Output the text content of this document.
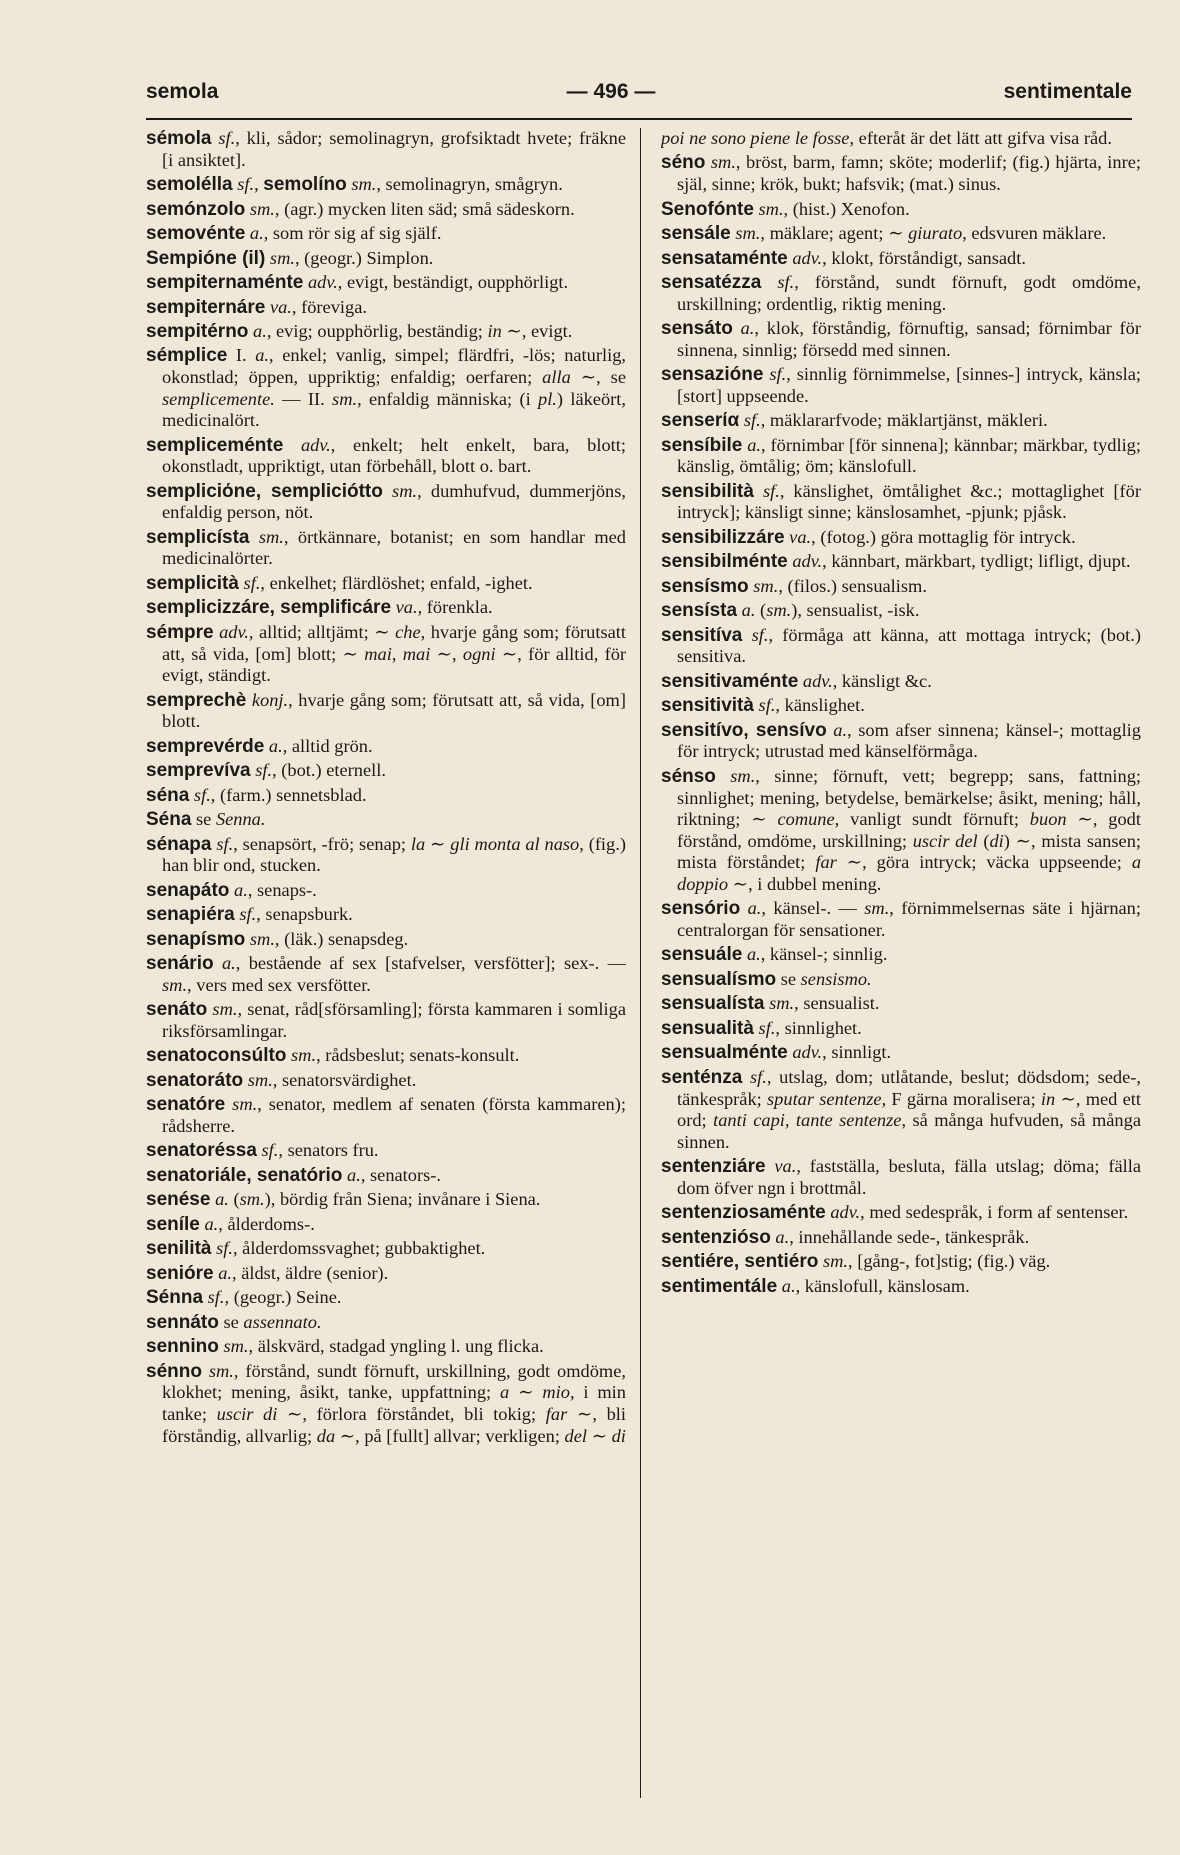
semola	— 496 —	sentimentale

sémola sf., kli, sådor; semolinagryn, grofsiktadt hvete; fräkne [i ansiktet].

semolélla sf., semolíno sm., semolinagryn, smågryn.

semónzolo sm., (agr.) mycken liten säd; små sädeskorn.

semovénte a., som rör sig af sig själf.

Sempióne (il) sm., (geogr.) Simplon.

sempiternaménte adv., evigt, beständigt, oupphörligt.

sempiternáre va., föreviga.

sempitérno a., evig; oupphörlig, beständig; in ∼, evigt.

sémplice I. a., enkel; vanlig, simpel; flärdfri, -lös; naturlig, okonstlad; öppen, uppriktig; enfaldig; oerfaren; alla ∼, se semplicemente. — II. sm., enfaldig människa; (i pl.) läkeört, medicinalört.

sempliceménte adv., enkelt; helt enkelt, bara, blott; okonstladt, uppriktigt, utan förbehåll, blott o. bart.

sempliciόne, semplicióttο sm., dumhufvud, dummerjöns, enfaldig person, nöt.

semplicísta sm., örtkännare, botanist; en som handlar med medicinalörter.

semplicità sf., enkelhet; flärdlöshet; enfald, -ighet.

semplicizzáre, semplificáre va., förenkla.

sémpre adv., alltid; alltjämt; ∼ che, hvarje gång som; förutsatt att, så vida, [om] blott; ∼ mai, mai ∼, ogni ∼, för alltid, för evigt, ständigt.

semprechè konj., hvarje gång som; förutsatt att, så vida, [om] blott.

semprevérde a., alltid grön.

semprevíva sf., (bot.) eternell.

séna sf., (farm.) sennetsblad.

Séna se Senna.

sénapa sf., senapsört, -frö; senap; la ∼ gli monta al naso, (fig.) han blir ond, stucken.

senapáto a., senaps-.

senapiéra sf., senapsburk.

senapísmo sm., (läk.) senapsdeg.

senário a., bestående af sex [stafvelser, versfötter]; sex-. — sm., vers med sex versfötter.

senáto sm., senat, råd[sförsamling]; första kammaren i somliga riksförsamlingar.

senatoconsúlto sm., rådsbeslut; senats-konsult.

senatoráto sm., senatorsvärdighet.

senatóre sm., senator, medlem af senaten (första kammaren); rådsherre.

senatoréssa sf., senators fru.

senatoriále, senatório a., senators-.

senése a. (sm.), bördig från Siena; invånare i Siena.

seníle a., ålderdoms-.

senilità sf., ålderdomssvaghet; gubbaktighet.

senióre a., äldst, äldre (senior).

Sénna sf., (geogr.) Seine.

sennáto se assennato.

sennino sm., älskvärd, stadgad yngling l. ung flicka.

sénno sm., förstånd, sundt förnuft, urskillning, godt omdöme, klokhet; mening, åsikt, tanke, uppfattning; a ∼ mio, i min tanke; uscir di ∼, förlora förståndet, bli tokig; far ∼, bli förståndig, allvarlig; da ∼, på [fullt] allvar; verkligen; del ∼ di

poi ne sono piene le fosse, efteråt är det lätt att gifva visa råd.

séno sm., bröst, barm, famn; sköte; moderlif; (fig.) hjärta, inre; själ, sinne; krök, bukt; hafsvik; (mat.) sinus.

Senofónte sm., (hist.) Xenofon.

sensále sm., mäklare; agent; ∼ giurato, edsvuren mäklare.

sensataménte adv., klokt, förståndigt, sansadt.

sensatézza sf., förstånd, sundt förnuft, godt omdöme, urskillning; ordentlig, riktig mening.

sensáto a., klok, förståndig, förnuftig, sansad; förnimbar för sinnena, sinnlig; försedd med sinnen.

sensazióne sf., sinnlig förnimmelse, [sinnes-] intryck, känsla; [stort] uppseende.

senserία sf., mäklararfvode; mäklartjänst, mäkleri.

sensíbile a., förnimbar [för sinnena]; kännbar; märkbar, tydlig; känslig, ömtålig; öm; känslofull.

sensibilità sf., känslighet, ömtålighet &c.; mottaglighet [för intryck]; känsligt sinne; känslosamhet, -pjunk; pjåsk.

sensibilizzáre va., (fotog.) göra mottaglig för intryck.

sensibilménte adv., kännbart, märkbart, tydligt; lifligt, djupt.

sensísmo sm., (filos.) sensualism.

sensísta a. (sm.), sensualist, -isk.

sensitíva sf., förmåga att känna, att mottaga intryck; (bot.) sensitiva.

sensitivaménte adv., känsligt &c.

sensitività sf., känslighet.

sensitívo, sensívo a., som afser sinnena; känsel-; mottaglig för intryck; utrustad med känselförmåga.

sénso sm., sinne; förnuft, vett; begrepp; sans, fattning; sinnlighet; mening, betydelse, bemärkelse; åsikt, mening; håll, riktning; ∼ comune, vanligt sundt förnuft; buon ∼, godt förstånd, omdöme, urskillning; uscir del (di) ∼, mista sansen; mista förståndet; far ∼, göra intryck; väcka uppseende; a doppio ∼, i dubbel mening.

sensório a., känsel-. — sm., förnimmelsernas säte i hjärnan; centralorgan för sensationer.

sensuále a., känsel-; sinnlig.

sensualísmo se sensismo.

sensualísta sm., sensualist.

sensualità sf., sinnlighet.

sensualménte adv., sinnligt.

senténza sf., utslag, dom; utlåtande, beslut; dödsdom; sede-, tänkespråk; sputar sentenze, F gärna moralisera; in ∼, med ett ord; tanti capi, tante sentenze, så många hufvuden, så många sinnen.

sentenziáre va., fastställa, besluta, fälla utslag; döma; fälla dom öfver ngn i brottmål.

sentenziosaménte adv., med sedespråk, i form af sentenser.

sentenzióso a., innehållande sede-, tänkespråk.

sentiére, sentiéro sm., [gång-, fot]stig; (fig.) väg.

sentimentále a., känslofull, känslosam.
